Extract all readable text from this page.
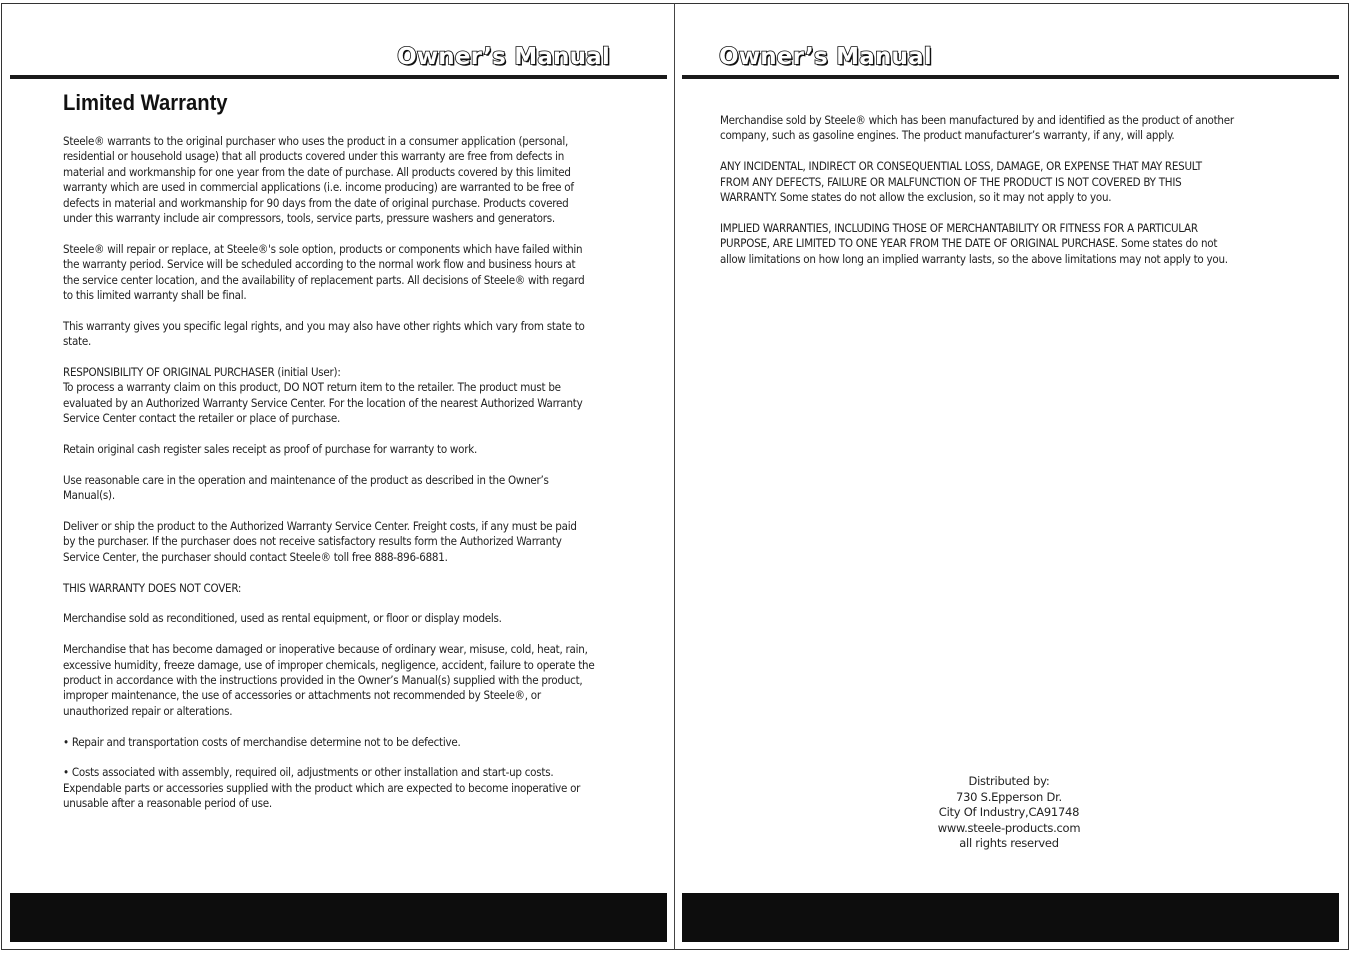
Owner’s Manual
Limited Warranty

Steele® warrants to the original purchaser who uses the product in a consumer application (personal,
residential or household usage) that all products covered under this warranty are free from defects in
material and workmanship for one year from the date of purchase. All products covered by this limited
warranty which are used in commercial applications (i.e. income producing) are warranted to be free of
defects in material and workmanship for 90 days from the date of original purchase. Products covered
under this warranty include air compressors, tools, service parts, pressure washers and generators.

Steele® will repair or replace, at Steele®'s sole option, products or components which have failed within
the warranty period. Service will be scheduled according to the normal work flow and business hours at
the service center location, and the availability of replacement parts. All decisions of Steele® with regard
to this limited warranty shall be final.

This warranty gives you specific legal rights, and you may also have other rights which vary from state to
state.

RESPONSIBILITY OF ORIGINAL PURCHASER (initial User):
To process a warranty claim on this product, DO NOT return item to the retailer. The product must be
evaluated by an Authorized Warranty Service Center. For the location of the nearest Authorized Warranty
Service Center contact the retailer or place of purchase.

Retain original cash register sales receipt as proof of purchase for warranty to work.

Use reasonable care in the operation and maintenance of the product as described in the Owner’s
Manual(s).

Deliver or ship the product to the Authorized Warranty Service Center. Freight costs, if any must be paid
by the purchaser. If the purchaser does not receive satisfactory results form the Authorized Warranty
Service Center, the purchaser should contact Steele® toll free 888-896-6881.

THIS WARRANTY DOES NOT COVER:

Merchandise sold as reconditioned, used as rental equipment, or floor or display models.

Merchandise that has become damaged or inoperative because of ordinary wear, misuse, cold, heat, rain,
excessive humidity, freeze damage, use of improper chemicals, negligence, accident, failure to operate the
product in accordance with the instructions provided in the Owner’s Manual(s) supplied with the product,
improper maintenance, the use of accessories or attachments not recommended by Steele®, or
unauthorized repair or alterations.

• Repair and transportation costs of merchandise determine not to be defective.

• Costs associated with assembly, required oil, adjustments or other installation and start-up costs.
Expendable parts or accessories supplied with the product which are expected to become inoperative or
unusable after a reasonable period of use.

Owner’s Manual

Merchandise sold by Steele® which has been manufactured by and identified as the product of another
company, such as gasoline engines. The product manufacturer’s warranty, if any, will apply.

ANY INCIDENTAL, INDIRECT OR CONSEQUENTIAL LOSS, DAMAGE, OR EXPENSE THAT MAY RESULT
FROM ANY DEFECTS, FAILURE OR MALFUNCTION OF THE PRODUCT IS NOT COVERED BY THIS
WARRANTY. Some states do not allow the exclusion, so it may not apply to you.

IMPLIED WARRANTIES, INCLUDING THOSE OF MERCHANTABILITY OR FITNESS FOR A PARTICULAR
PURPOSE, ARE LIMITED TO ONE YEAR FROM THE DATE OF ORIGINAL PURCHASE. Some states do not
allow limitations on how long an implied warranty lasts, so the above limitations may not apply to you.

Distributed by:
730 S.Epperson Dr.
City Of Industry,CA91748
www.steele-products.com
all rights reserved
